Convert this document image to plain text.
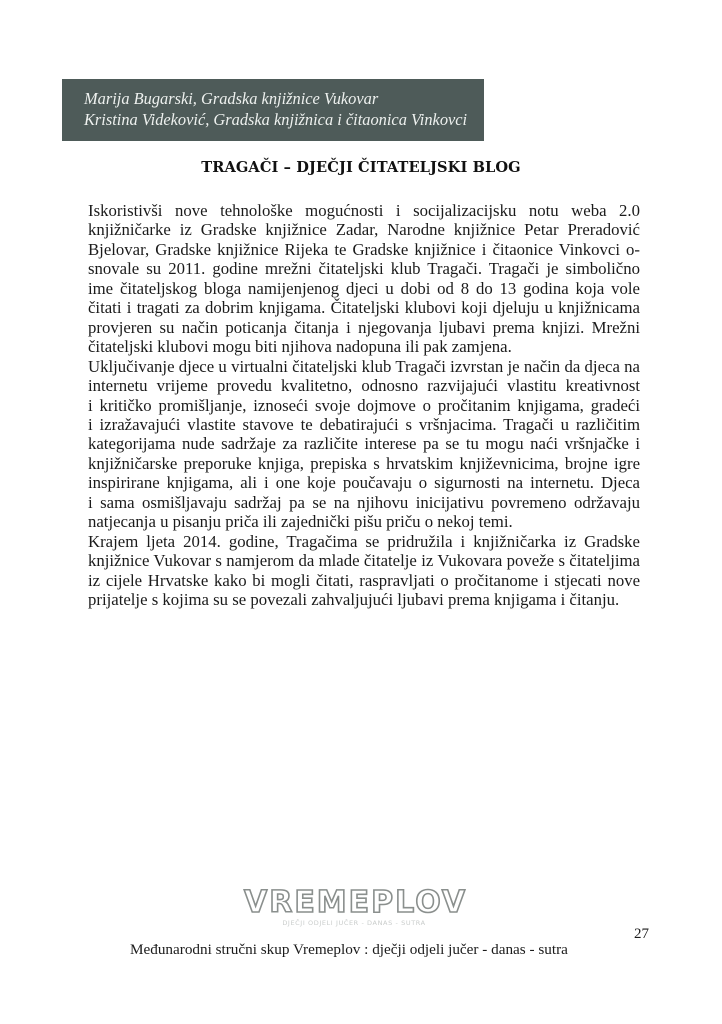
Marija Bugarski, Gradska knjižnice Vukovar
Kristina Videković, Gradska knjižnica i čitaonica Vinkovci
TRAGAČI – DJEČJI ČITATELJSKI BLOG
Iskoristivši nove tehnološke mogućnosti i socijalizacijsku notu weba 2.0
knjižničarke iz Gradske knjižnice Zadar, Narodne knjižnice Petar Preradović
Bjelovar, Gradske knjižnice Rijeka te Gradske knjižnice i čitaonice Vinkovci o-
snovale su 2011. godine mrežni čitateljski klub Tragači. Tragači je simbolično
ime čitateljskog bloga namijenjenog djeci u dobi od 8 do 13 godina koja vole
čitati i tragati za dobrim knjigama. Čitateljski klubovi koji djeluju u knjižnicama
provjeren su način poticanja čitanja i njegovanja ljubavi prema knjizi. Mrežni
čitateljski klubovi mogu biti njihova nadopuna ili pak zamjena.
Uključivanje djece u virtualni čitateljski klub Tragači izvrstan je način da djeca na
internetu vrijeme provedu kvalitetno, odnosno razvijajući vlastitu kreativnost
i kritičko promišljanje, iznoseći svoje dojmove o pročitanim knjigama, gradeći
i izražavajući vlastite stavove te debatirajući s vršnjacima. Tragači u različitim
kategorijama nude sadržaje za različite interese pa se tu mogu naći vršnjačke i
knjižničarske preporuke knjiga, prepiska s hrvatskim književnicima, brojne igre
inspirirane knjigama, ali i one koje poučavaju o sigurnosti na internetu. Djeca
i sama osmišljavaju sadržaj pa se na njihovu inicijativu povremeno održavaju
natjecanja u pisanju priča ili zajednički pišu priču o nekoj temi.
Krajem ljeta 2014. godine, Tragačima se pridružila i knjižničarka iz Gradske
knjižnice Vukovar s namjerom da mlade čitatelje iz Vukovara poveže s čitateljima
iz cijele Hrvatske kako bi mogli čitati, raspravljati o pročitanome i stjecati nove
prijatelje s kojima su se povezali zahvaljujući ljubavi prema knjigama i čitanju.
VREMEPLOV
DJEČJI ODJELI JUČER - DANAS - SUTRA
Međunarodni stručni skup Vremeplov : dječji odjeli jučer - danas - sutra
27
